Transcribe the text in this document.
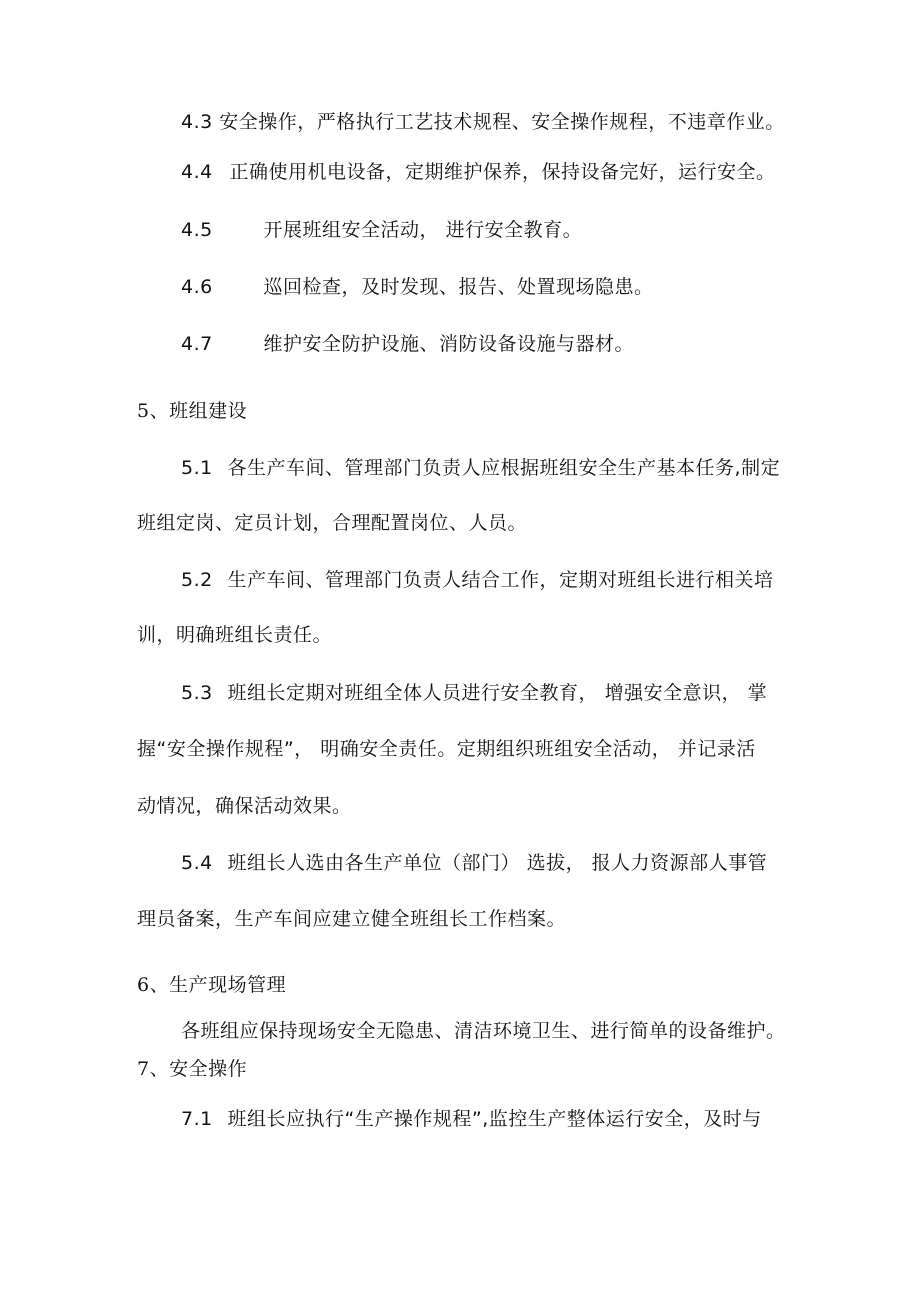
4.3 安全操作，严格执行工艺技术规程、安全操作规程，不违章作业。
4.4 正确使用机电设备，定期维护保养，保持设备完好，运行安全。
4.5	开展班组安全活动， 进行安全教育。
4.6	巡回检查，及时发现、报告、处置现场隐患。
4.7	维护安全防护设施、消防设备设施与器材。
5、班组建设
5.1 各生产车间、管理部门负责人应根据班组安全生产基本任务,制定
班组定岗、定员计划，合理配置岗位、人员。
5.2 生产车间、管理部门负责人结合工作，定期对班组长进行相关培
训，明确班组长责任。
5.3 班组长定期对班组全体人员进行安全教育， 增强安全意识， 掌
握“安全操作规程”， 明确安全责任。定期组织班组安全活动， 并记录活
动情况，确保活动效果。
5.4 班组长人选由各生产单位（部门） 选拔， 报人力资源部人事管
理员备案，生产车间应建立健全班组长工作档案。
6、生产现场管理
各班组应保持现场安全无隐患、清洁环境卫生、进行简单的设备维护。
7、安全操作
7.1 班组长应执行“生产操作规程”,监控生产整体运行安全，及时与
